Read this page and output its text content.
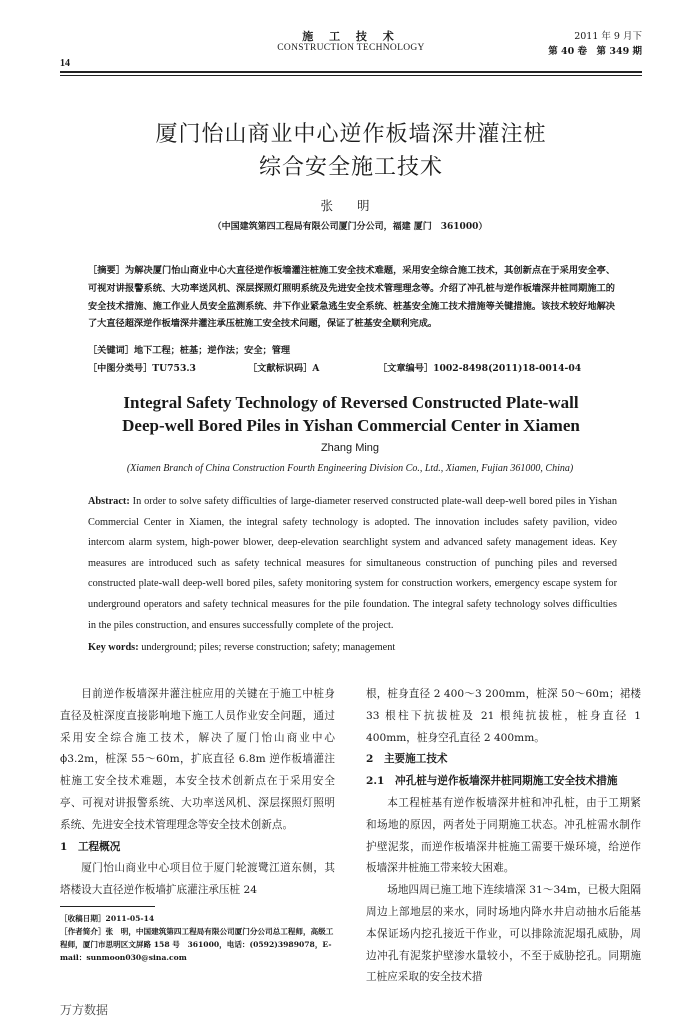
14
施 工 技 术
CONSTRUCTION TECHNOLOGY
2011 年 9 月下
第 40 卷　第 349 期
厦门怡山商业中心逆作板墙深井灌注桩
综合安全施工技术
张 明
（中国建筑第四工程局有限公司厦门分公司，福建 厦门　361000）
［摘要］为解决厦门怡山商业中心大直径逆作板墙灌注桩施工安全技术难题，采用安全综合施工技术，其创新点在于采用安全亭、可视对讲报警系统、大功率送风机、深层探照灯照明系统及先进安全技术管理理念等。介绍了冲孔桩与逆作板墙深井桩同期施工的安全技术措施、施工作业人员安全监测系统、井下作业紧急逃生安全系统、桩基安全施工技术措施等关键措施。该技术较好地解决了大直径超深逆作板墙深井灌注承压桩施工安全技术问题，保证了桩基安全顺利完成。
［关键词］地下工程；桩基；逆作法；安全；管理
［中图分类号］TU753.3	［文献标识码］A	［文章编号］1002-8498(2011)18-0014-04
Integral Safety Technology of Reversed Constructed Plate-wall
Deep-well Bored Piles in Yishan Commercial Center in Xiamen
Zhang Ming
(Xiamen Branch of China Construction Fourth Engineering Division Co., Ltd., Xiamen, Fujian 361000, China)
Abstract: In order to solve safety difficulties of large-diameter reserved constructed plate-wall deep-well bored piles in Yishan Commercial Center in Xiamen, the integral safety technology is adopted. The innovation includes safety pavilion, video intercom alarm system, high-power blower, deep-elevation searchlight system and advanced safety management ideas. Key measures are introduced such as safety technical measures for simultaneous construction of punching piles and reversed constructed plate-wall deep-well bored piles, safety monitoring system for construction workers, emergency escape system for underground operators and safety technical measures for the pile foundation. The integral safety technology solves difficulties in the piles construction, and ensures successfully complete of the project.
Key words: underground; piles; reverse construction; safety; management

目前逆作板墙深井灌注桩应用的关键在于施工中桩身直径及桩深度直接影响地下施工人员作业安全问题，通过采用安全综合施工技术，解决了厦门怡山商业中心 ϕ3.2m，桩深 55～60m，扩底直径 6.8m 逆作板墙灌注桩施工安全技术难题，本安全技术创新点在于采用安全亭、可视对讲报警系统、大功率送风机、深层探照灯照明系统、先进安全技术管理理念等安全技术创新点。

1　工程概况

厦门怡山商业中心项目位于厦门轮渡鹭江道东侧，其塔楼设大直径逆作板墙扩底灌注承压桩 24

根，桩身直径 2 400～3 200mm，桩深 50～60m；裙楼 33 根柱下抗拔桩及 21 根纯抗拔桩，桩身直径 1 400mm，桩身空孔直径 2 400mm。

2　主要施工技术

2.1　冲孔桩与逆作板墙深井桩同期施工安全技术措施

本工程桩基有逆作板墙深井桩和冲孔桩，由于工期紧和场地的原因，两者处于同期施工状态。冲孔桩需水制作护壁泥浆，而逆作板墙深井桩施工需要干燥环境，给逆作板墙深井桩施工带来较大困难。

场地四周已施工地下连续墙深 31～34m，已极大阻隔周边上部地层的来水，同时场地内降水井启动抽水后能基本保证场内挖孔接近干作业，可以排除流泥塌孔威胁，周边冲孔有泥浆护壁渗水量较小，不至于威胁挖孔。同期施工桩应采取的安全技术措

［收稿日期］2011-05-14
［作者简介］张　明，中国建筑第四工程局有限公司厦门分公司总工程师，高级工程师，厦门市思明区文屏路 158 号　361000，电话：(0592)3989078，E-mail：sunmoon030@sina.com
万方数据
